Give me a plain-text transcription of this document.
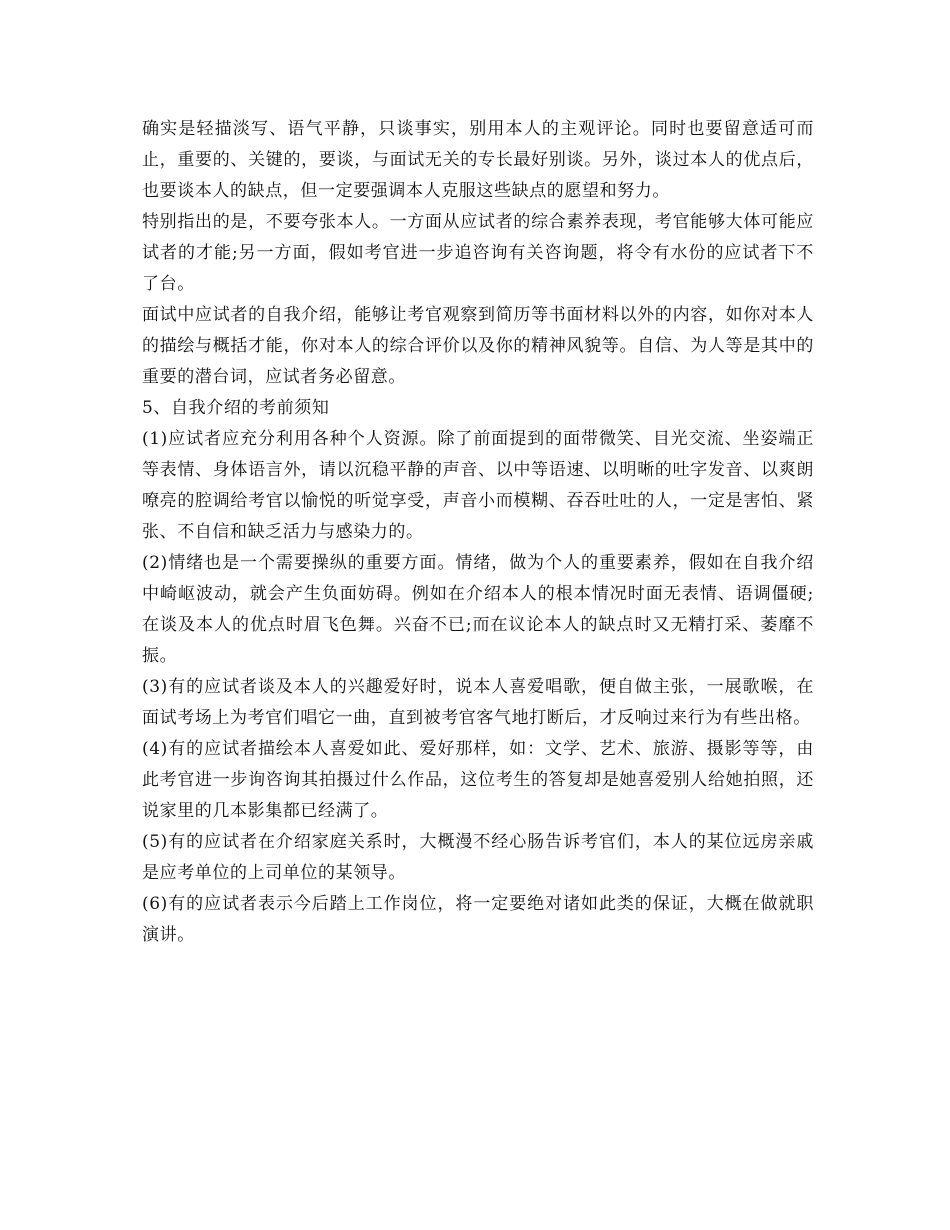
确实是轻描淡写、语气平静，只谈事实，别用本人的主观评论。同时也要留意适可而止，重要的、关键的，要谈，与面试无关的专长最好别谈。另外，谈过本人的优点后，也要谈本人的缺点，但一定要强调本人克服这些缺点的愿望和努力。

特别指出的是，不要夸张本人。一方面从应试者的综合素养表现，考官能够大体可能应试者的才能;另一方面，假如考官进一步追咨询有关咨询题，将令有水份的应试者下不了台。

面试中应试者的自我介绍，能够让考官观察到简历等书面材料以外的内容，如你对本人的描绘与概括才能，你对本人的综合评价以及你的精神风貌等。自信、为人等是其中的重要的潜台词，应试者务必留意。

5、自我介绍的考前须知

(1)应试者应充分利用各种个人资源。除了前面提到的面带微笑、目光交流、坐姿端正等表情、身体语言外，请以沉稳平静的声音、以中等语速、以明晰的吐字发音、以爽朗嘹亮的腔调给考官以愉悦的听觉享受，声音小而模糊、吞吞吐吐的人，一定是害怕、紧张、不自信和缺乏活力与感染力的。

(2)情绪也是一个需要操纵的重要方面。情绪，做为个人的重要素养，假如在自我介绍中崎岖波动，就会产生负面妨碍。例如在介绍本人的根本情况时面无表情、语调僵硬;在谈及本人的优点时眉飞色舞。兴奋不已;而在议论本人的缺点时又无精打采、萎靡不振。

(3)有的应试者谈及本人的兴趣爱好时，说本人喜爱唱歌，便自做主张，一展歌喉，在面试考场上为考官们唱它一曲，直到被考官客气地打断后，才反响过来行为有些出格。

(4)有的应试者描绘本人喜爱如此、爱好那样，如：文学、艺术、旅游、摄影等等，由此考官进一步询咨询其拍摄过什么作品，这位考生的答复却是她喜爱别人给她拍照，还说家里的几本影集都已经满了。

(5)有的应试者在介绍家庭关系时，大概漫不经心肠告诉考官们，本人的某位远房亲戚是应考单位的上司单位的某领导。

(6)有的应试者表示今后踏上工作岗位，将一定要绝对诸如此类的保证，大概在做就职演讲。
